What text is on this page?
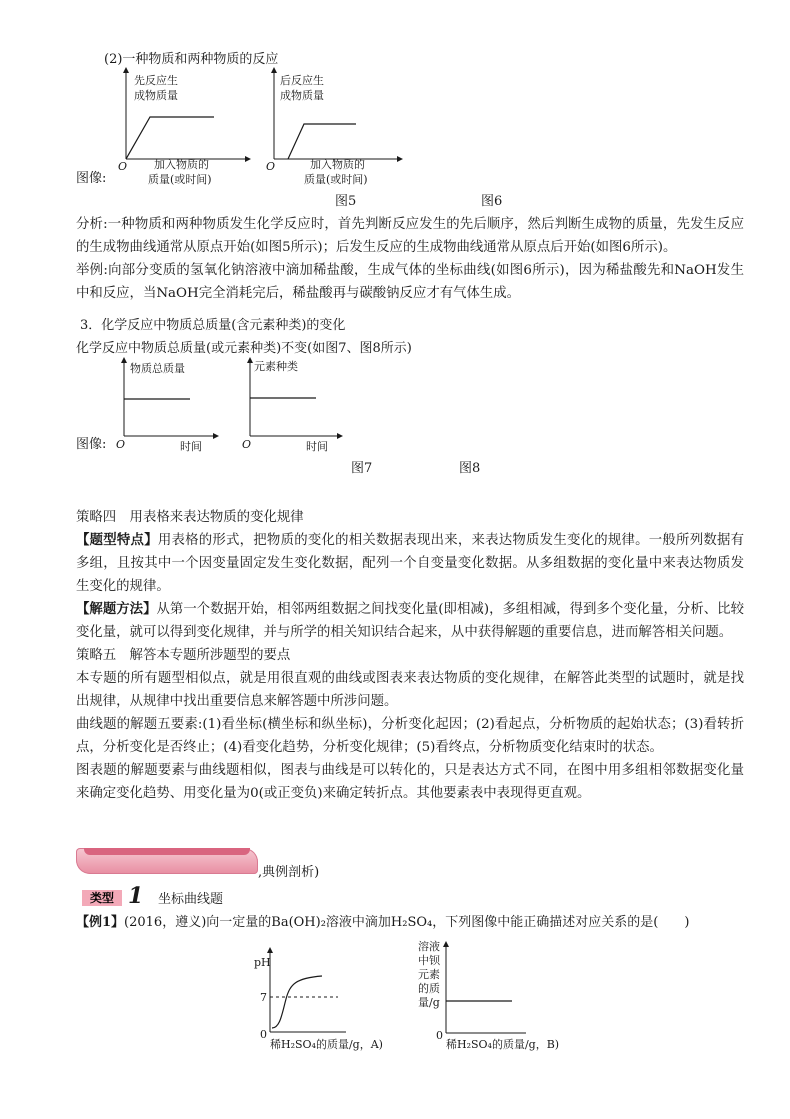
(2)一种物质和两种物质的反应
先反应生
成物质量
O 加入物质的
质量(或时间)
后反应生
成物质量
O	加入物质的
质量(或时间)
图像:
图5	图6

分析:一种物质和两种物质发生化学反应时，首先判断反应发生的先后顺序，然后判断生成物的质量，先发生反应的生成物曲线通常从原点开始(如图5所示)；后发生反应的生成物曲线通常从原点后开始(如图6所示)。

举例:向部分变质的氢氧化钠溶液中滴加稀盐酸，生成气体的坐标曲线(如图6所示)，因为稀盐酸先和NaOH发生中和反应，当NaOH完全消耗完后，稀盐酸再与碳酸钠反应才有气体生成。

3．化学反应中物质总质量(含元素种类)的变化
化学反应中物质总质量(或元素种类)不变(如图7、图8所示)
物质总质量
O	时间
元素种类
O	时间
图像:
图7	图8

策略四　用表格来表达物质的变化规律

【题型特点】用表格的形式，把物质的变化的相关数据表现出来，来表达物质发生变化的规律。一般所列数据有多组，且按其中一个因变量固定发生变化数据，配列一个自变量变化数据。从多组数据的变化量中来表达物质发生变化的规律。

【解题方法】从第一个数据开始，相邻两组数据之间找变化量(即相减)，多组相减，得到多个变化量，分析、比较变化量，就可以得到变化规律，并与所学的相关知识结合起来，从中获得解题的重要信息，进而解答相关问题。

策略五　解答本专题所涉题型的要点

本专题的所有题型相似点，就是用很直观的曲线或图表来表达物质的变化规律，在解答此类型的试题时，就是找出规律，从规律中找出重要信息来解答题中所涉问题。

曲线题的解题五要素:(1)看坐标(横坐标和纵坐标)，分析变化起因；(2)看起点，分析物质的起始状态；(3)看转折点，分析变化是否终止；(4)看变化趋势，分析变化规律；(5)看终点，分析物质变化结束时的状态。

图表题的解题要素与曲线题相似，图表与曲线是可以转化的，只是表达方式不同，在图中用多组相邻数据变化量来确定变化趋势、用变化量为0(或正变负)来确定转折点。其他要素表中表现得更直观。

,典例剖析)
类型 1 坐标曲线题
【例1】(2016，遵义)向一定量的Ba(OH)₂溶液中滴加H₂SO₄，下列图像中能正确描述对应关系的是(　　)
pH
7
0
稀H₂SO₄的质量/g，A)
溶液
中钡
元素
的质
量/g
0
稀H₂SO₄的质量/g，B)
